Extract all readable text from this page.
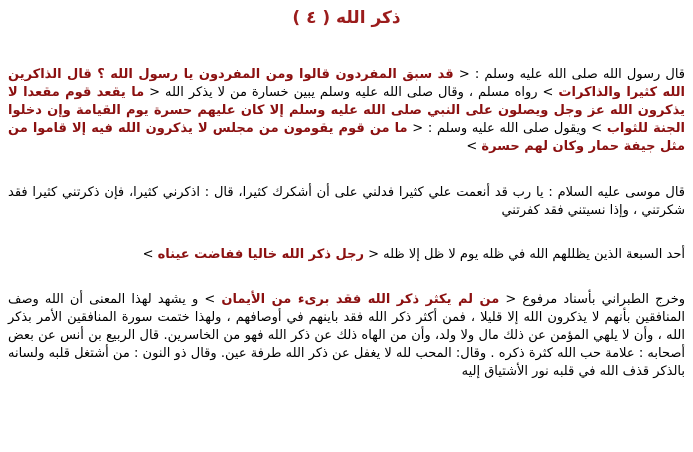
ذكر الله ( ٤ )

قال رسول الله صلى الله عليه وسلم : < قد سبق المفردون قالوا ومن المفردون يا رسول الله ؟ قال الذاكرين الله كثيرا والذاكرات > رواه مسلم ، وقال صلى الله عليه وسلم يبين خسارة من لا يذكر الله < ما يقعد قوم مقعدا لا يذكرون الله عز وجل ويصلون على النبي صلى الله عليه وسلم إلا كان عليهم حسرة يوم القيامة وإن دخلوا الجنة للثواب > ويقول صلى الله عليه وسلم : < ما من قوم يقومون من مجلس لا يذكرون الله فيه إلا قاموا من مثل جيفة حمار وكان لهم حسرة >

قال موسى عليه السلام : يا رب قد أنعمت علي كثيرا فدلني على أن أشكرك كثيرا، قال : اذكرني كثيرا، فإن ذكرتني كثيرا فقد شكرتني ، وإذا نسيتني فقد كفرتني

أحد السبعة الذين يظللهم الله في ظله يوم لا ظل إلا ظله < رجل ذكر الله خاليا ففاضت عيناه >

وخرج الطبراني بأسناد مرفوع < من لم يكثر ذكر الله فقد برىء من الأيمان > و يشهد لهذا المعنى أن الله وصف المنافقين بأنهم لا يذكرون الله إلا قليلا ، فمن أكثر ذكر الله فقد باينهم في أوصافهم ، ولهذا ختمت سورة المنافقين الأمر بذكر الله ، وأن لا يلهي المؤمن عن ذلك مال ولا ولد، وأن من الهاه ذلك عن ذكر الله فهو من الخاسرين. قال الربيع بن أنس عن بعض أصحابه : علامة حب الله كثرة ذكره . وقال: المحب لله لا يغفل عن ذكر الله طرفة عين. وقال ذو النون : من أشتغل قلبه ولسانه بالذكر قذف الله في قلبه نور الأشتياق إليه
